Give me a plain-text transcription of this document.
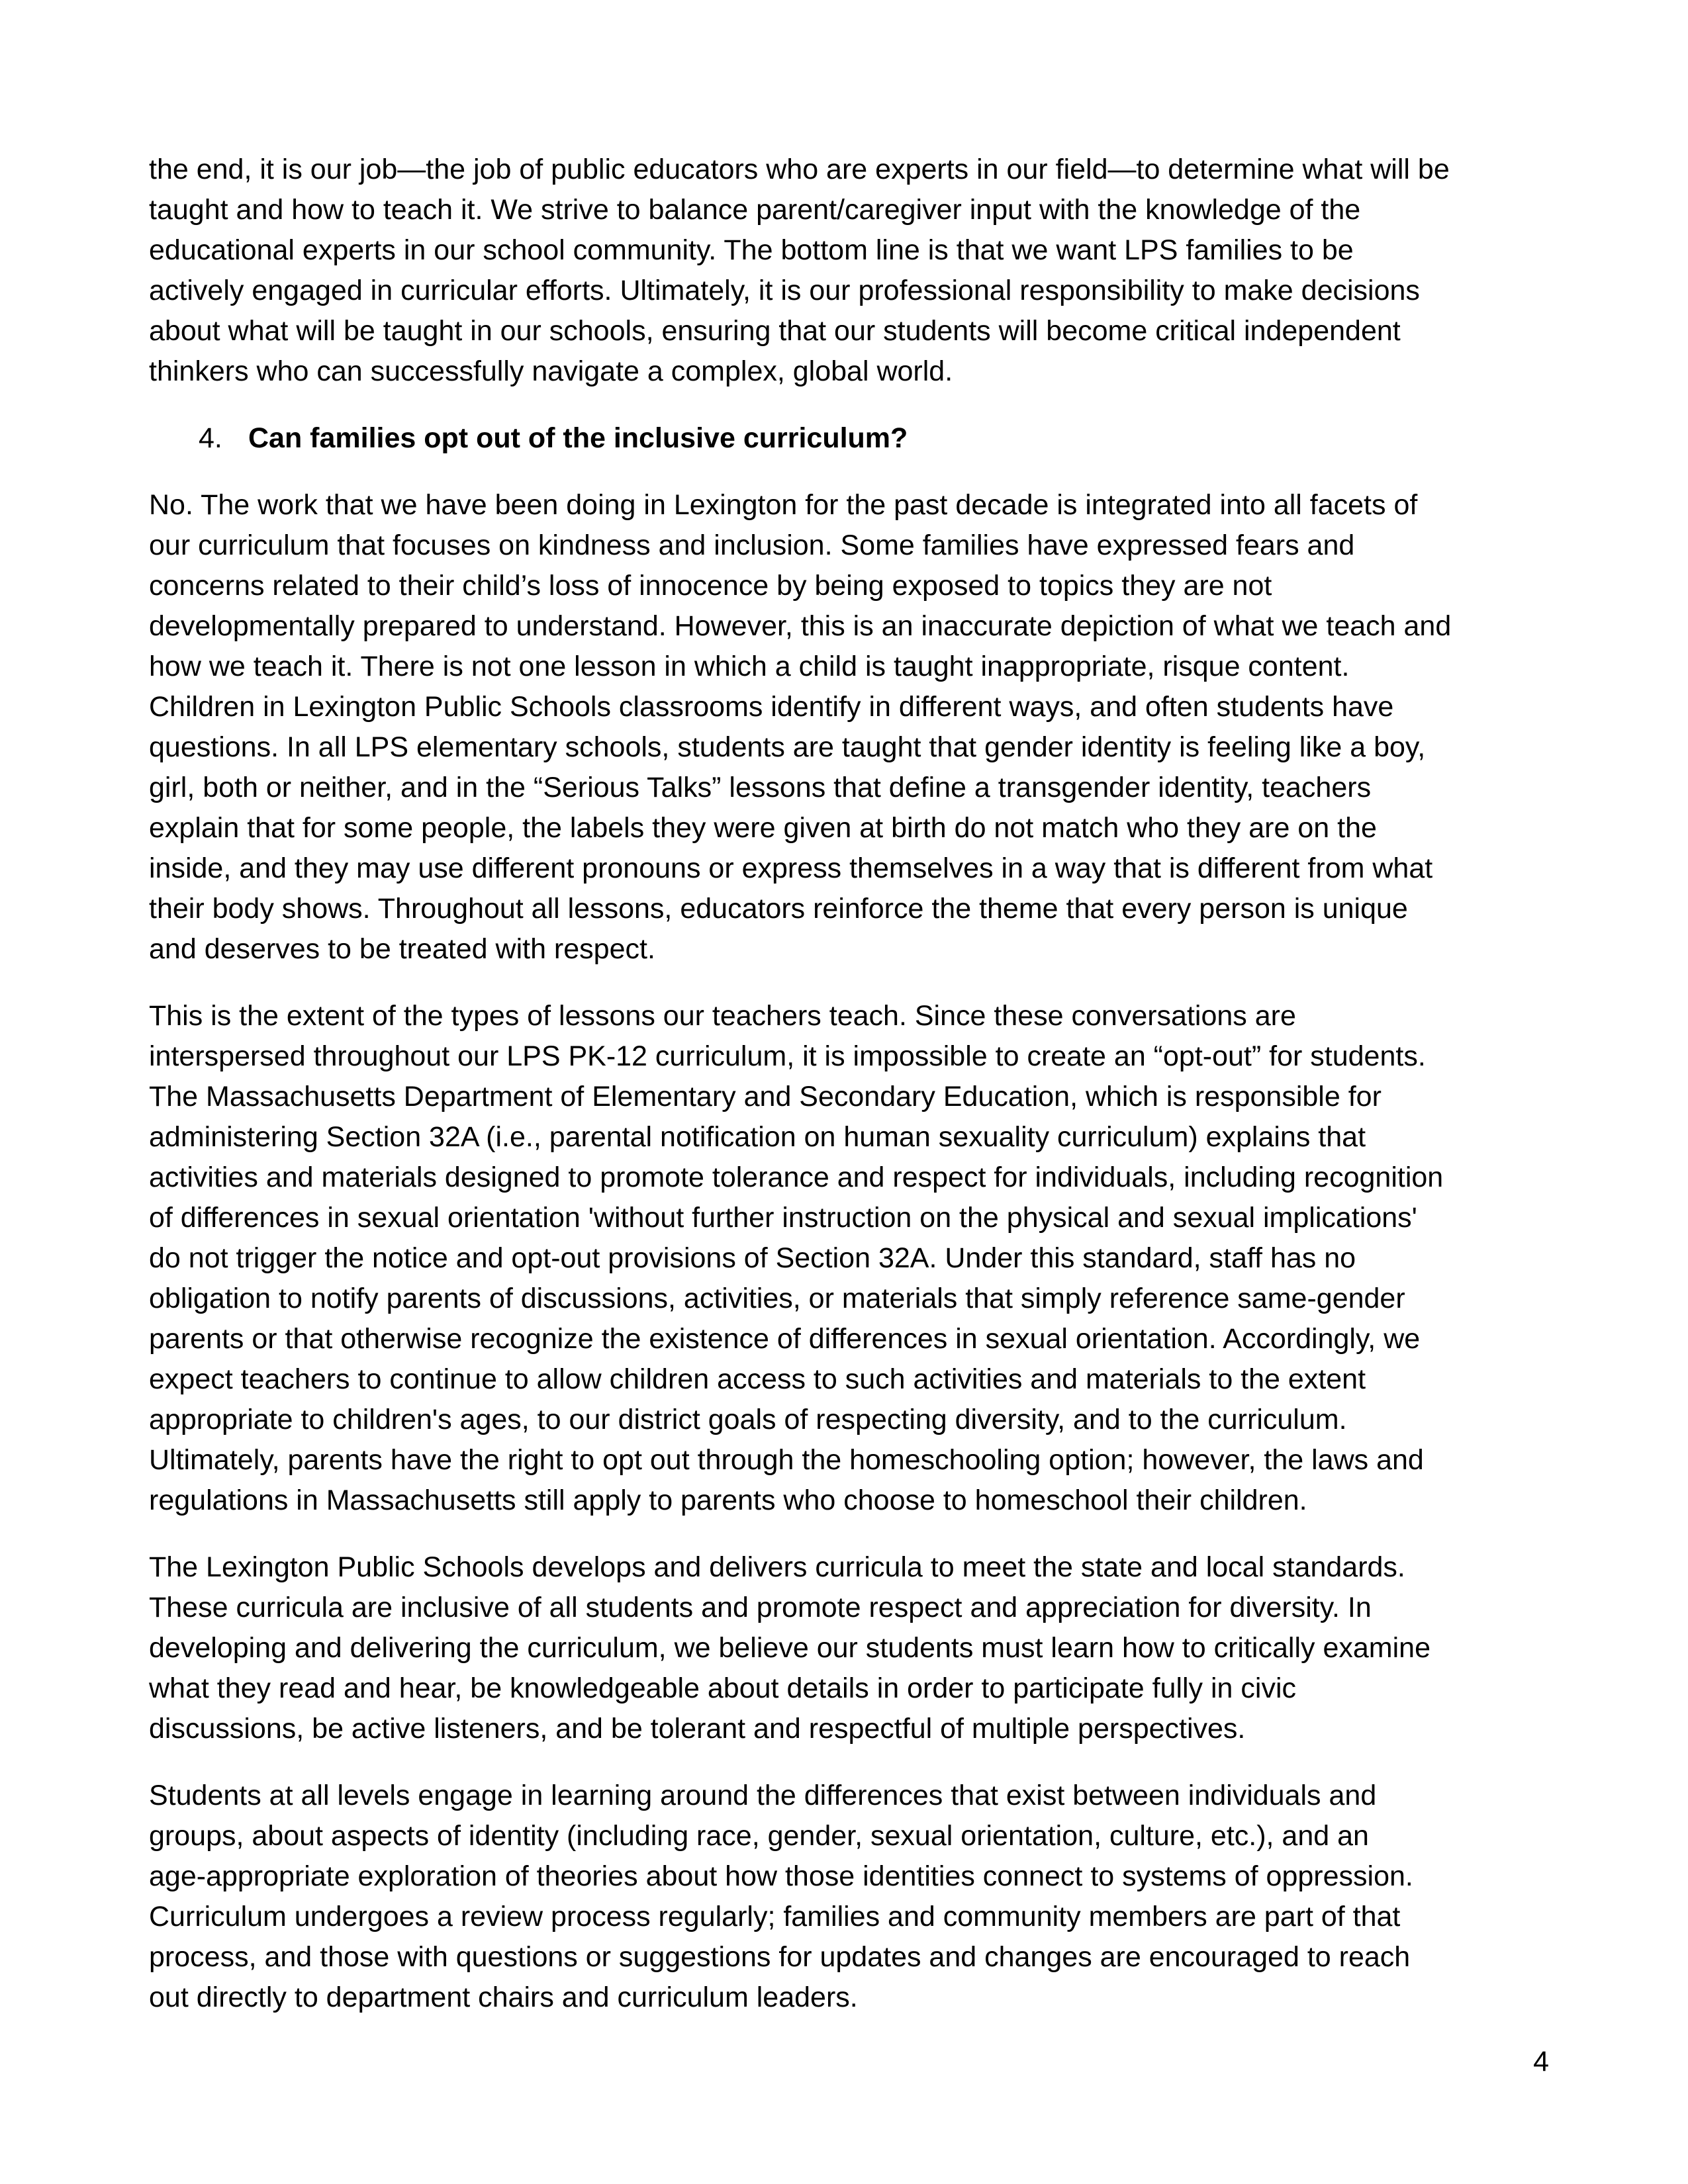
the end, it is our job—the job of public educators who are experts in our field—to determine what will be
taught and how to teach it. We strive to balance parent/caregiver input with the knowledge of the
educational experts in our school community. The bottom line is that we want LPS families to be
actively engaged in curricular efforts. Ultimately, it is our professional responsibility to make decisions
about what will be taught in our schools, ensuring that our students will become critical independent
thinkers who can successfully navigate a complex, global world.

4. Can families opt out of the inclusive curriculum?

No. The work that we have been doing in Lexington for the past decade is integrated into all facets of
our curriculum that focuses on kindness and inclusion. Some families have expressed fears and
concerns related to their child’s loss of innocence by being exposed to topics they are not
developmentally prepared to understand. However, this is an inaccurate depiction of what we teach and
how we teach it. There is not one lesson in which a child is taught inappropriate, risque content.
Children in Lexington Public Schools classrooms identify in different ways, and often students have
questions. In all LPS elementary schools, students are taught that gender identity is feeling like a boy,
girl, both or neither, and in the “Serious Talks” lessons that define a transgender identity, teachers
explain that for some people, the labels they were given at birth do not match who they are on the
inside, and they may use different pronouns or express themselves in a way that is different from what
their body shows. Throughout all lessons, educators reinforce the theme that every person is unique
and deserves to be treated with respect.

This is the extent of the types of lessons our teachers teach. Since these conversations are
interspersed throughout our LPS PK-12 curriculum, it is impossible to create an “opt-out” for students.
The Massachusetts Department of Elementary and Secondary Education, which is responsible for
administering Section 32A (i.e., parental notification on human sexuality curriculum) explains that
activities and materials designed to promote tolerance and respect for individuals, including recognition
of differences in sexual orientation 'without further instruction on the physical and sexual implications'
do not trigger the notice and opt-out provisions of Section 32A. Under this standard, staff has no
obligation to notify parents of discussions, activities, or materials that simply reference same-gender
parents or that otherwise recognize the existence of differences in sexual orientation. Accordingly, we
expect teachers to continue to allow children access to such activities and materials to the extent
appropriate to children's ages, to our district goals of respecting diversity, and to the curriculum.
Ultimately, parents have the right to opt out through the homeschooling option; however, the laws and
regulations in Massachusetts still apply to parents who choose to homeschool their children.

The Lexington Public Schools develops and delivers curricula to meet the state and local standards.
These curricula are inclusive of all students and promote respect and appreciation for diversity. In
developing and delivering the curriculum, we believe our students must learn how to critically examine
what they read and hear, be knowledgeable about details in order to participate fully in civic
discussions, be active listeners, and be tolerant and respectful of multiple perspectives.

Students at all levels engage in learning around the differences that exist between individuals and
groups, about aspects of identity (including race, gender, sexual orientation, culture, etc.), and an
age-appropriate exploration of theories about how those identities connect to systems of oppression.
Curriculum undergoes a review process regularly; families and community members are part of that
process, and those with questions or suggestions for updates and changes are encouraged to reach
out directly to department chairs and curriculum leaders.

4
